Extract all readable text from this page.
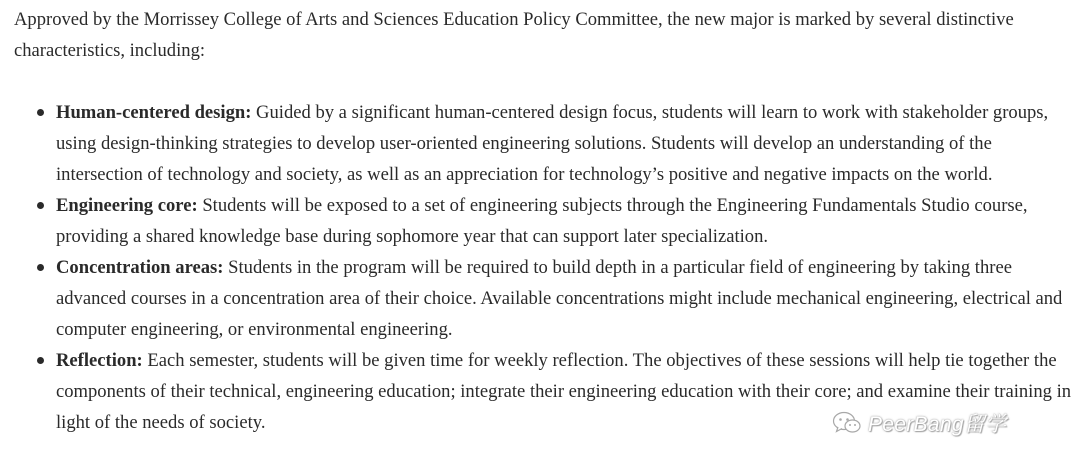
Approved by the Morrissey College of Arts and Sciences Education Policy Committee, the new major is marked by several distinctive characteristics, including:

Human-centered design: Guided by a significant human-centered design focus, students will learn to work with stakeholder groups, using design-thinking strategies to develop user-oriented engineering solutions. Students will develop an understanding of the intersection of technology and society, as well as an appreciation for technology’s positive and negative impacts on the world.
Engineering core: Students will be exposed to a set of engineering subjects through the Engineering Fundamentals Studio course, providing a shared knowledge base during sophomore year that can support later specialization.
Concentration areas: Students in the program will be required to build depth in a particular field of engineering by taking three advanced courses in a concentration area of their choice. Available concentrations might include mechanical engineering, electrical and computer engineering, or environmental engineering.
Reflection: Each semester, students will be given time for weekly reflection. The objectives of these sessions will help tie together the components of their technical, engineering education; integrate their engineering education with their core; and examine their training in light of the needs of society.	PeerBang留学
